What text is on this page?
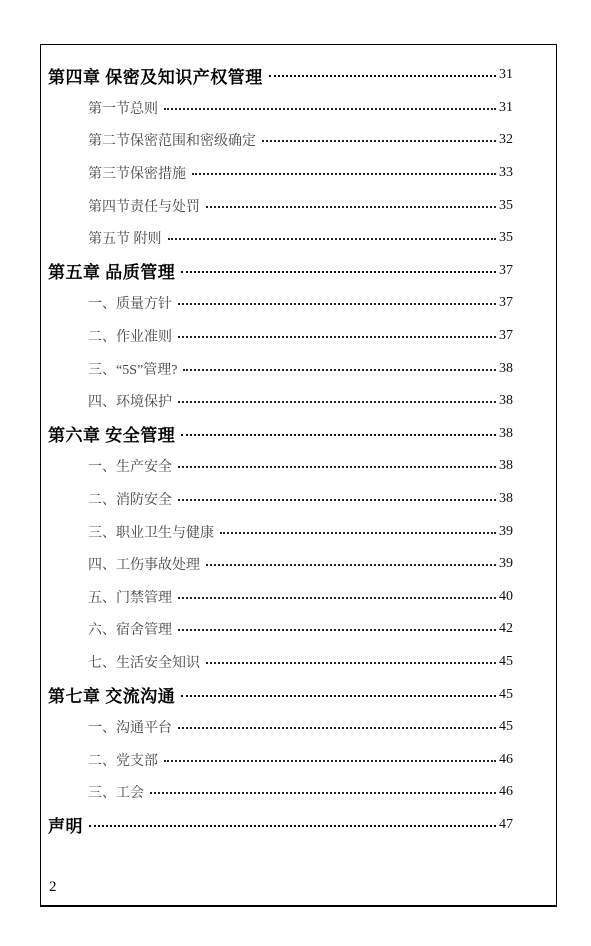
第四章 保密及知识产权管理	31
第一节总则	31
第二节保密范围和密级确定	32
第三节保密措施	33
第四节责任与处罚	35
第五节 附则	35
第五章 品质管理	37
一、质量方针	37
二、作业准则	37
三、“5S”管理?	38
四、环境保护	38
第六章 安全管理	38
一、生产安全	38
二、消防安全	38
三、职业卫生与健康	39
四、工伤事故处理	39
五、门禁管理	40
六、宿舍管理	42
七、生活安全知识	45
第七章 交流沟通	45
一、沟通平台	45
二、党支部	46
三、工会	46
声明	47
2
